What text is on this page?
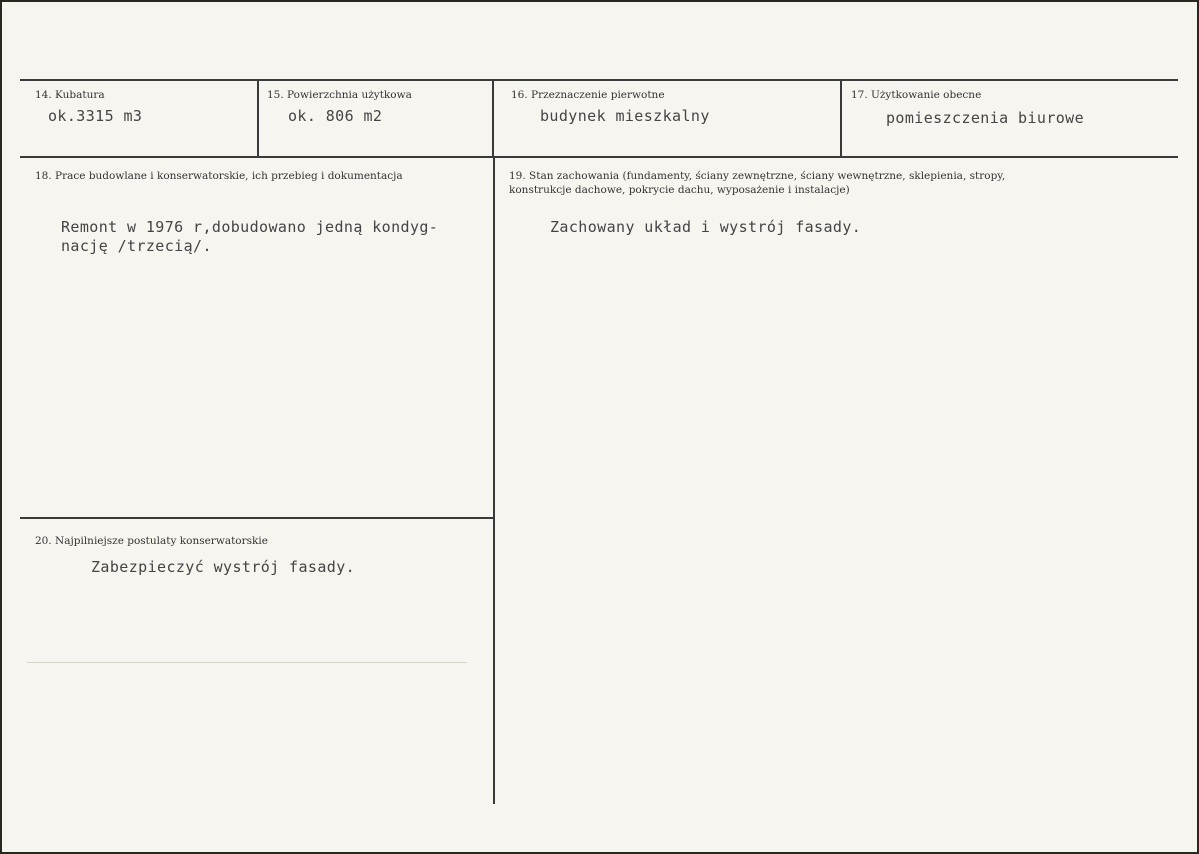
14. Kubatura
ok.3315 m3
15. Powierzchnia użytkowa
ok. 806 m2
16. Przeznaczenie pierwotne
budynek mieszkalny
17. Użytkowanie obecne
pomieszczenia biurowe
18. Prace budowlane i konserwatorskie, ich przebieg i dokumentacja
Remont w 1976 r,dobudowano jedną kondyg-
nację /trzecią/.
19. Stan zachowania (fundamenty, ściany zewnętrzne, ściany wewnętrzne, sklepienia, stropy,
konstrukcje dachowe, pokrycie dachu, wyposażenie i instalacje)
Zachowany układ i wystrój fasady.
20. Najpilniejsze postulaty konserwatorskie
Zabezpieczyć wystrój fasady.
